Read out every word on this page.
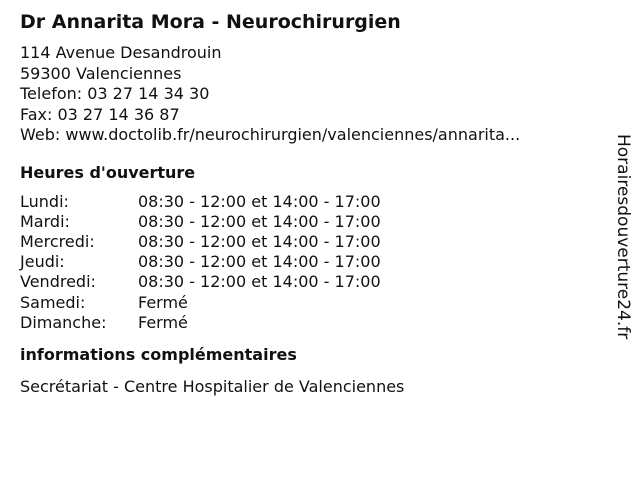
Dr Annarita Mora - Neurochirurgien
114 Avenue Desandrouin
59300 Valenciennes
Telefon: 03 27 14 34 30
Fax: 03 27 14 36 87
Web: www.doctolib.fr/neurochirurgien/valenciennes/annarita...
Heures d'ouverture
Lundi:	08:30 - 12:00 et 14:00 - 17:00
Mardi:	08:30 - 12:00 et 14:00 - 17:00
Mercredi:	08:30 - 12:00 et 14:00 - 17:00
Jeudi:	08:30 - 12:00 et 14:00 - 17:00
Vendredi:	08:30 - 12:00 et 14:00 - 17:00
Samedi:	Fermé
Dimanche:	Fermé
informations complémentaires
Secrétariat - Centre Hospitalier de Valenciennes
Horairesdouverture24.fr
